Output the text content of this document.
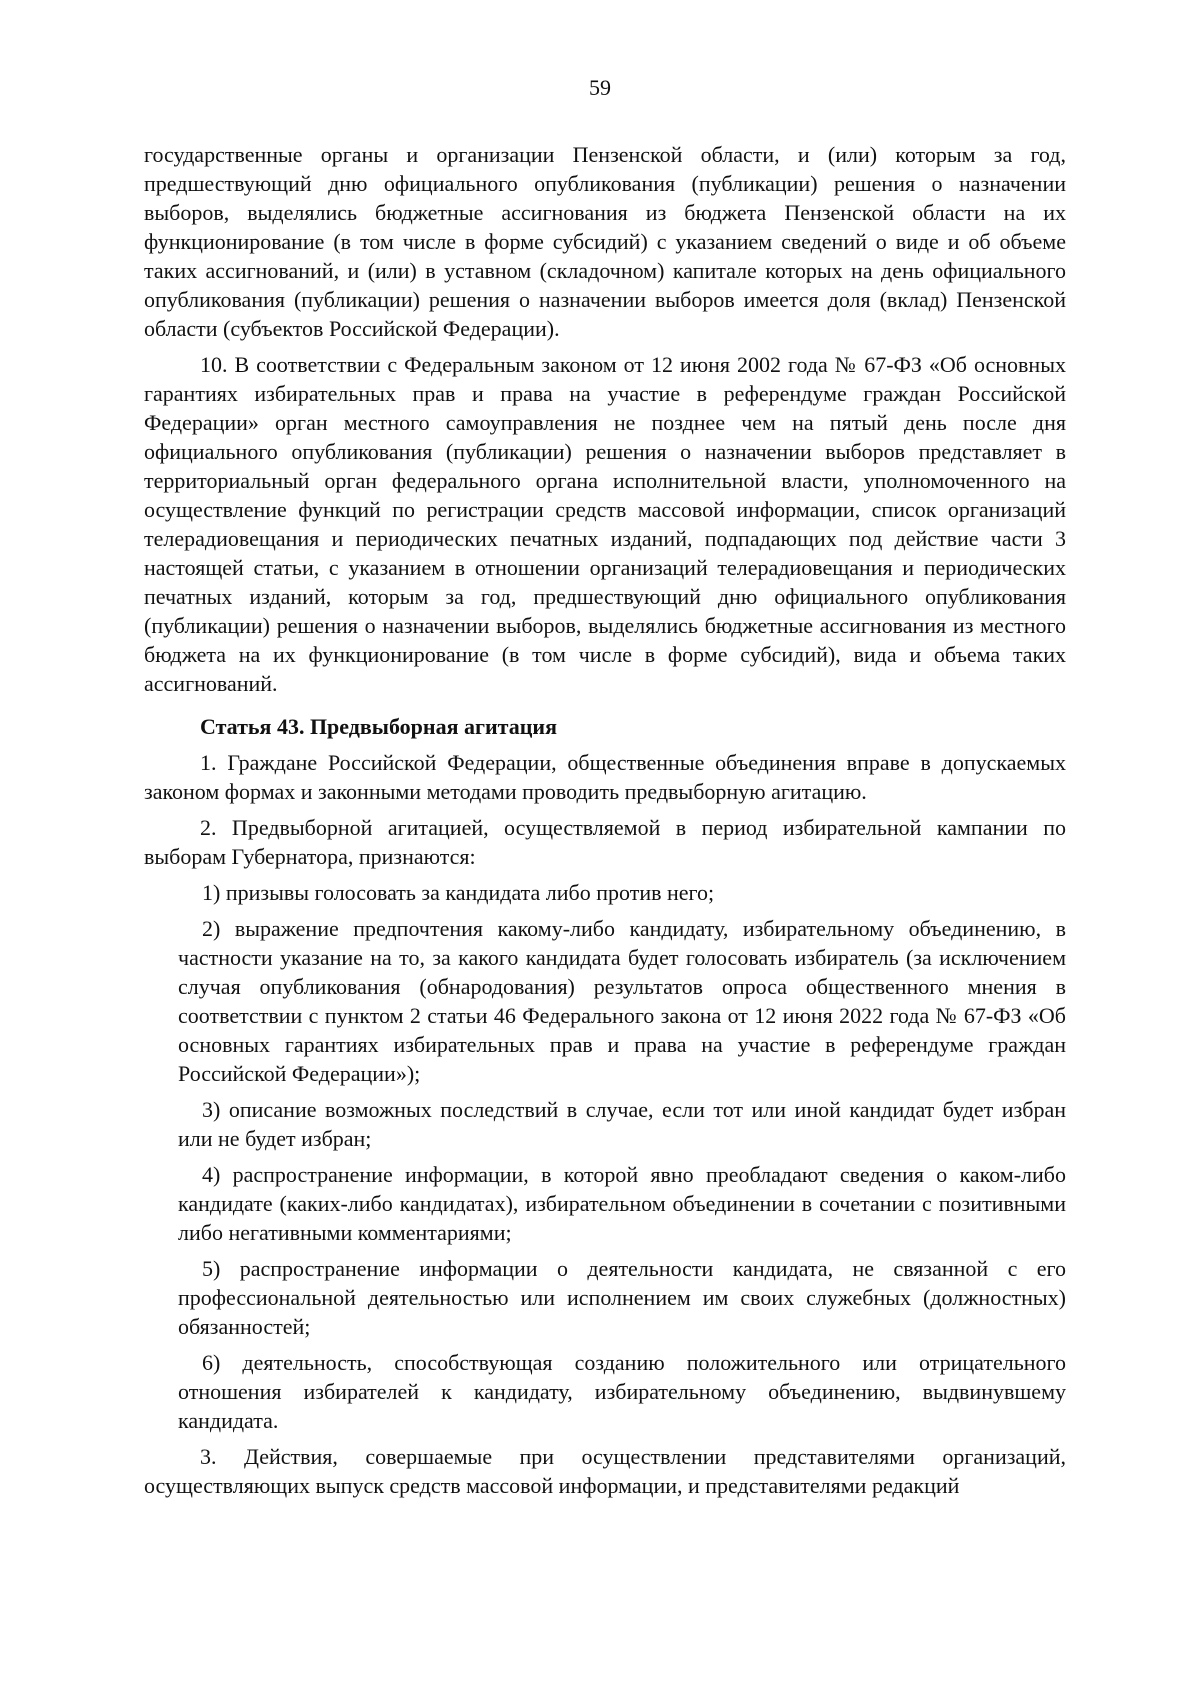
59

государственные органы и организации Пензенской области, и (или) которым за год, предшествующий дню официального опубликования (публикации) решения о назначении выборов, выделялись бюджетные ассигнования из бюджета Пензенской области на их функционирование (в том числе в форме субсидий) с указанием сведений о виде и об объеме таких ассигнований, и (или) в уставном (складочном) капитале которых на день официального опубликования (публикации) решения о назначении выборов имеется доля (вклад) Пензенской области (субъектов Российской Федерации).

10. В соответствии с Федеральным законом от 12 июня 2002 года № 67-ФЗ «Об основных гарантиях избирательных прав и права на участие в референдуме граждан Российской Федерации» орган местного самоуправления не позднее чем на пятый день после дня официального опубликования (публикации) решения о назначении выборов представляет в территориальный орган федерального органа исполнительной власти, уполномоченного на осуществление функций по регистрации средств массовой информации, список организаций телерадиовещания и периодических печатных изданий, подпадающих под действие части 3 настоящей статьи, с указанием в отношении организаций телерадиовещания и периодических печатных изданий, которым за год, предшествующий дню официального опубликования (публикации) решения о назначении выборов, выделялись бюджетные ассигнования из местного бюджета на их функционирование (в том числе в форме субсидий), вида и объема таких ассигнований.

Статья 43. Предвыборная агитация

1. Граждане Российской Федерации, общественные объединения вправе в допускаемых законом формах и законными методами проводить предвыборную агитацию.

2. Предвыборной агитацией, осуществляемой в период избирательной кампании по выборам Губернатора, признаются:

1) призывы голосовать за кандидата либо против него;

2) выражение предпочтения какому-либо кандидату, избирательному объединению, в частности указание на то, за какого кандидата будет голосовать избиратель (за исключением случая опубликования (обнародования) результатов опроса общественного мнения в соответствии с пунктом 2 статьи 46 Федерального закона от 12 июня 2022 года № 67-ФЗ «Об основных гарантиях избирательных прав и права на участие в референдуме граждан Российской Федерации»);

3) описание возможных последствий в случае, если тот или иной кандидат будет избран или не будет избран;

4) распространение информации, в которой явно преобладают сведения о каком-либо кандидате (каких-либо кандидатах), избирательном объединении в сочетании с позитивными либо негативными комментариями;

5) распространение информации о деятельности кандидата, не связанной с его профессиональной деятельностью или исполнением им своих служебных (должностных) обязанностей;

6) деятельность, способствующая созданию положительного или отрицательного отношения избирателей к кандидату, избирательному объединению, выдвинувшему кандидата.

3. Действия, совершаемые при осуществлении представителями организаций, осуществляющих выпуск средств массовой информации, и представителями редакций
